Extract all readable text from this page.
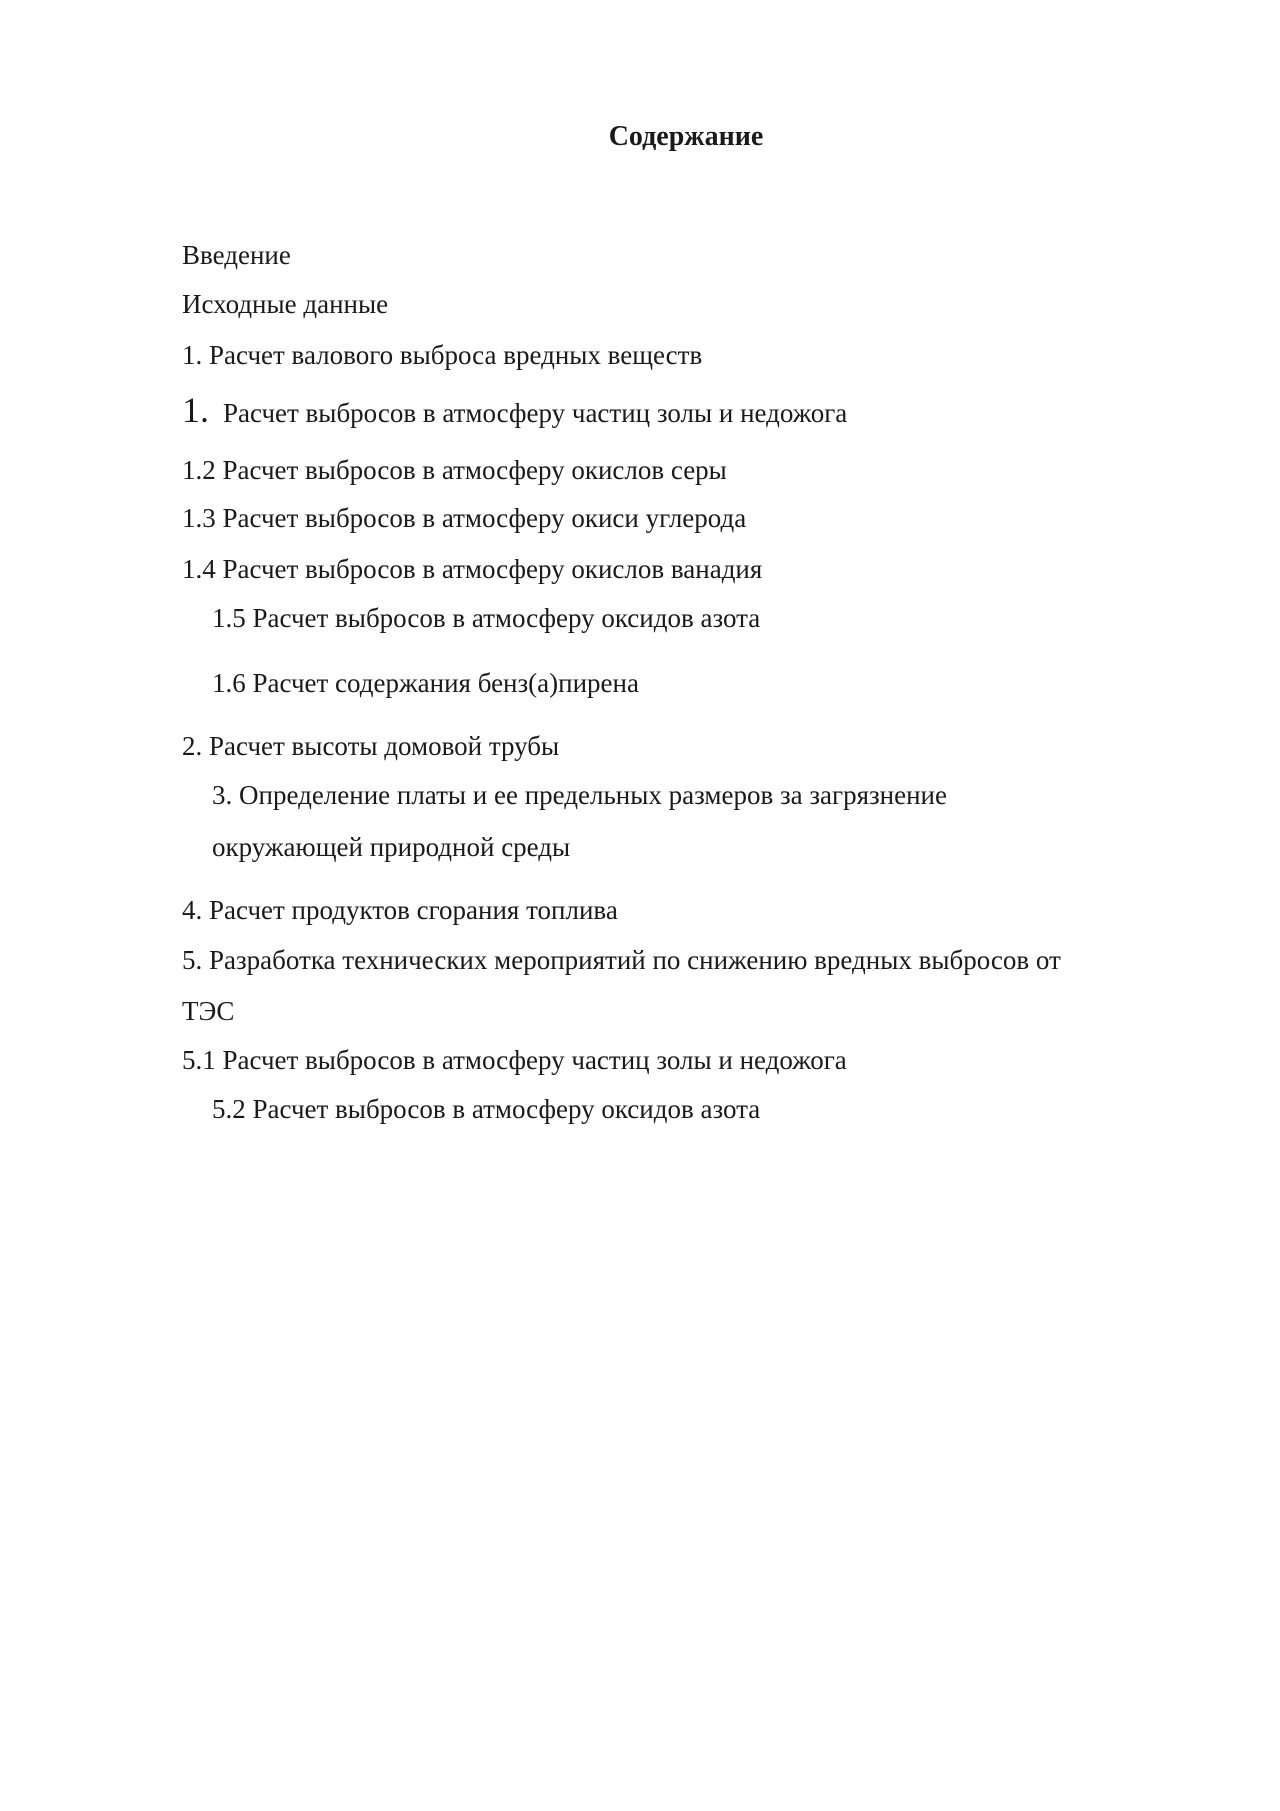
Содержание
Введение
Исходные данные
1. Расчет валового выброса вредных веществ
1. Расчет выбросов в атмосферу частиц золы и недожога
1.2 Расчет выбросов в атмосферу окислов серы
1.3 Расчет выбросов в атмосферу окиси углерода
1.4 Расчет выбросов в атмосферу окислов ванадия
1.5 Расчет выбросов в атмосферу оксидов азота
1.6 Расчет содержания бенз(а)пирена
2. Расчет высоты домовой трубы
3. Определение платы и ее предельных размеров за загрязнение
окружающей природной среды
4. Расчет продуктов сгорания топлива
5. Разработка технических мероприятий по снижению вредных выбросов от
ТЭС
5.1 Расчет выбросов в атмосферу частиц золы и недожога
5.2 Расчет выбросов в атмосферу оксидов азота
